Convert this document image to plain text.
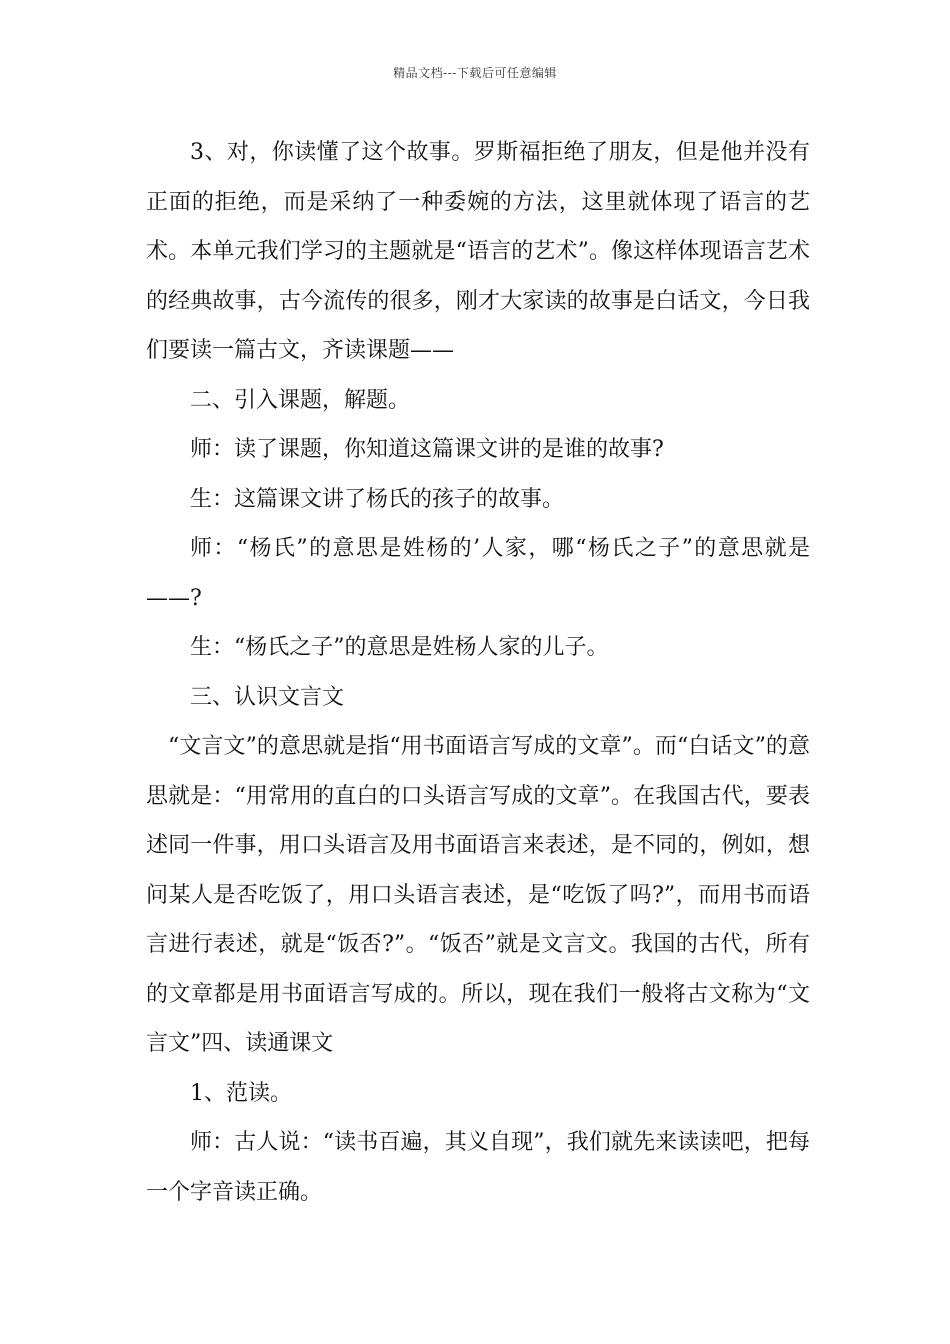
精品文档---下载后可任意编辑

3、对，你读懂了这个故事。罗斯福拒绝了朋友，但是他并没有正面的拒绝，而是采纳了一种委婉的方法，这里就体现了语言的艺术。本单元我们学习的主题就是“语言的艺术”。像这样体现语言艺术的经典故事，古今流传的很多，刚才大家读的故事是白话文，今日我们要读一篇古文，齐读课题——

二、引入课题，解题。

师：读了课题，你知道这篇课文讲的是谁的故事?

生：这篇课文讲了杨氏的孩子的故事。

师：“杨氏”的意思是姓杨的’人家，哪“杨氏之子”的意思就是——?

生：“杨氏之子”的意思是姓杨人家的儿子。

三、认识文言文

“文言文”的意思就是指“用书面语言写成的文章”。而“白话文”的意思就是：“用常用的直白的口头语言写成的文章”。在我国古代，要表述同一件事，用口头语言及用书面语言来表述，是不同的，例如，想问某人是否吃饭了，用口头语言表述，是“吃饭了吗?”，而用书而语言进行表述，就是“饭否?”。“饭否”就是文言文。我国的古代，所有的文章都是用书面语言写成的。所以，现在我们一般将古文称为“文言文”四、读通课文

1、范读。

师：古人说：“读书百遍，其义自现”，我们就先来读读吧，把每一个字音读正确。
